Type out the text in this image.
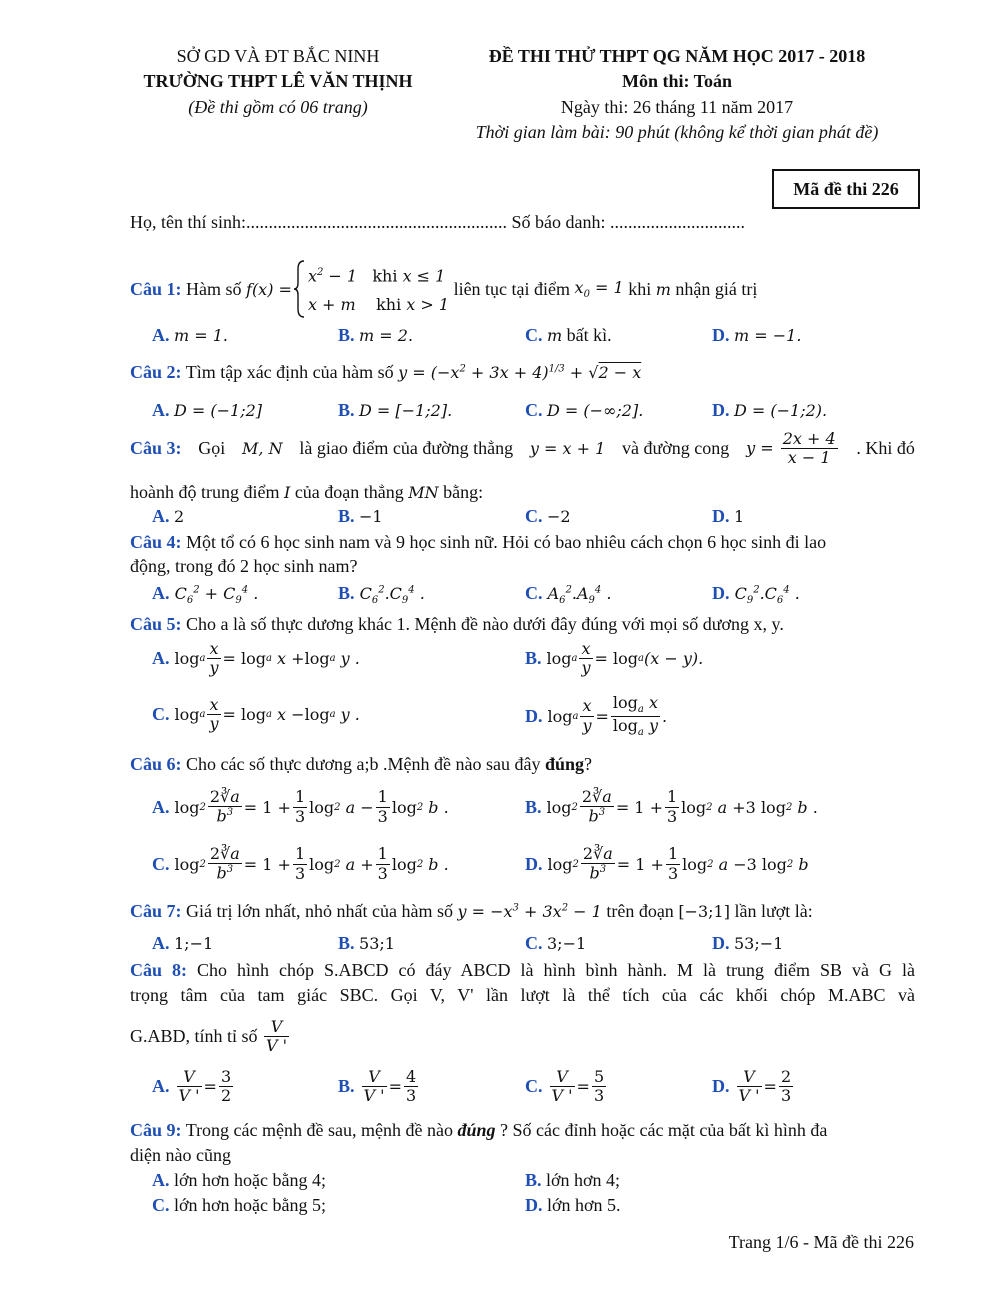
SỞ GD VÀ ĐT BẮC NINH
TRƯỜNG THPT LÊ VĂN THỊNH
(Đề thi gồm có 06 trang)
ĐỀ THI THỬ THPT QG NĂM HỌC 2017 - 2018
Môn thi: Toán
Ngày thi: 26 tháng 11 năm 2017
Thời gian làm bài: 90 phút (không kể thời gian phát đề)
Mã đề thi 226
Họ, tên thí sinh:.......................................................... Số báo danh: ..............................
Câu 1:
Hàm số
f(x) =
$x^2 - 1$   khi x ≤ 1
x + m    khi x > 1

liên tục tại điểm
$x_0 = 1$
khi
m
nhận giá trị
A. m = 1.	B. m = 2.	C. m bất kì.	D. m = −1.
Câu 2: Tìm tập xác định của hàm số $y = (-x^2 + 3x + 4)^{1/3} + √2 - x$
A. D = (−1;2]	B. D = [−1;2].	C. D = (−∞;2].	D. D = (−1;2).
Câu 3: Gọi M, N là giao điểm của đường thẳng y = x + 1 và đường cong $y = \frac{2x + 4}{x - 1}$ . Khi đó
hoành độ trung điểm I của đoạn thẳng MN bằng:
A. 2	B. −1	C. −2	D. 1
Câu 4: Một tổ có 6 học sinh nam và 9 học sinh nữ. Hỏi có bao nhiêu cách chọn 6 học sinh đi lao
động, trong đó 2 học sinh nam?
A. $C_6^2 + C_9^4$ .	B. $C_6^2.C_9^4$ .	C. $A_6^2.A_9^4$ .	D. $C_9^2.C_6^4$ .
Câu 5: Cho a là số thực dương khác 1. Mệnh đề nào dưới đây đúng với mọi số dương x, y.
A. log a $\frac{x}{y} = \log a$ x + log a y .	B. log a $\frac{x}{y} = \log a$ (x − y).
C. log a $\frac{x}{y} = \log a$ x − log a y .	D. log a $\frac{x}{y} = \frac{\log_a x}{\log_a y}$ .
Câu 6: Cho các số thực dương a;b .Mệnh đề nào sau đây đúng?
A. $\log 2 \frac{2∛a}{b^3} = 1 + \frac{1}{3}$ log 2 $a - \frac{1}{3}$ log 2 b .	B. $\log 2 \frac{2∛a}{b^3} = 1 + \frac{1}{3}$ log 2 a + 3 log 2 b .
C. $\log 2 \frac{2∛a}{b^3} = 1 + \frac{1}{3}$ log 2 $a + \frac{1}{3}$ log 2 b .	D. $\log 2 \frac{2∛a}{b^3} = 1 + \frac{1}{3}$ log 2 a − 3 log 2 b
Câu 7: Giá trị lớn nhất, nhỏ nhất của hàm số $y = -x^3 + 3x^2 - 1$ trên đoạn [−3;1] lần lượt là:
A. 1;−1	B. 53;1	C. 3;−1	D. 53;−1
Câu 8: Cho hình chóp S.ABCD có đáy ABCD là hình bình hành. M là trung điểm SB và G là
trọng tâm của tam giác SBC. Gọi V, V' lần lượt là thể tích của các khối chóp M.ABC và
G.ABD, tính tỉ số
$\frac{V}{V '}$
A. $\frac{V}{V '} = \frac{3}{2}$	B. $\frac{V}{V '} = \frac{4}{3}$	C. $\frac{V}{V '} = \frac{5}{3}$	D. $\frac{V}{V '} = \frac{2}{3}$
Câu 9: Trong các mệnh đề sau, mệnh đề nào đúng ? Số các đỉnh hoặc các mặt của bất kì hình đa
diện nào cũng
A. lớn hơn hoặc bằng 4;	B. lớn hơn 4;
C. lớn hơn hoặc bằng 5;	D. lớn hơn 5.
Trang 1/6 - Mã đề thi 226
